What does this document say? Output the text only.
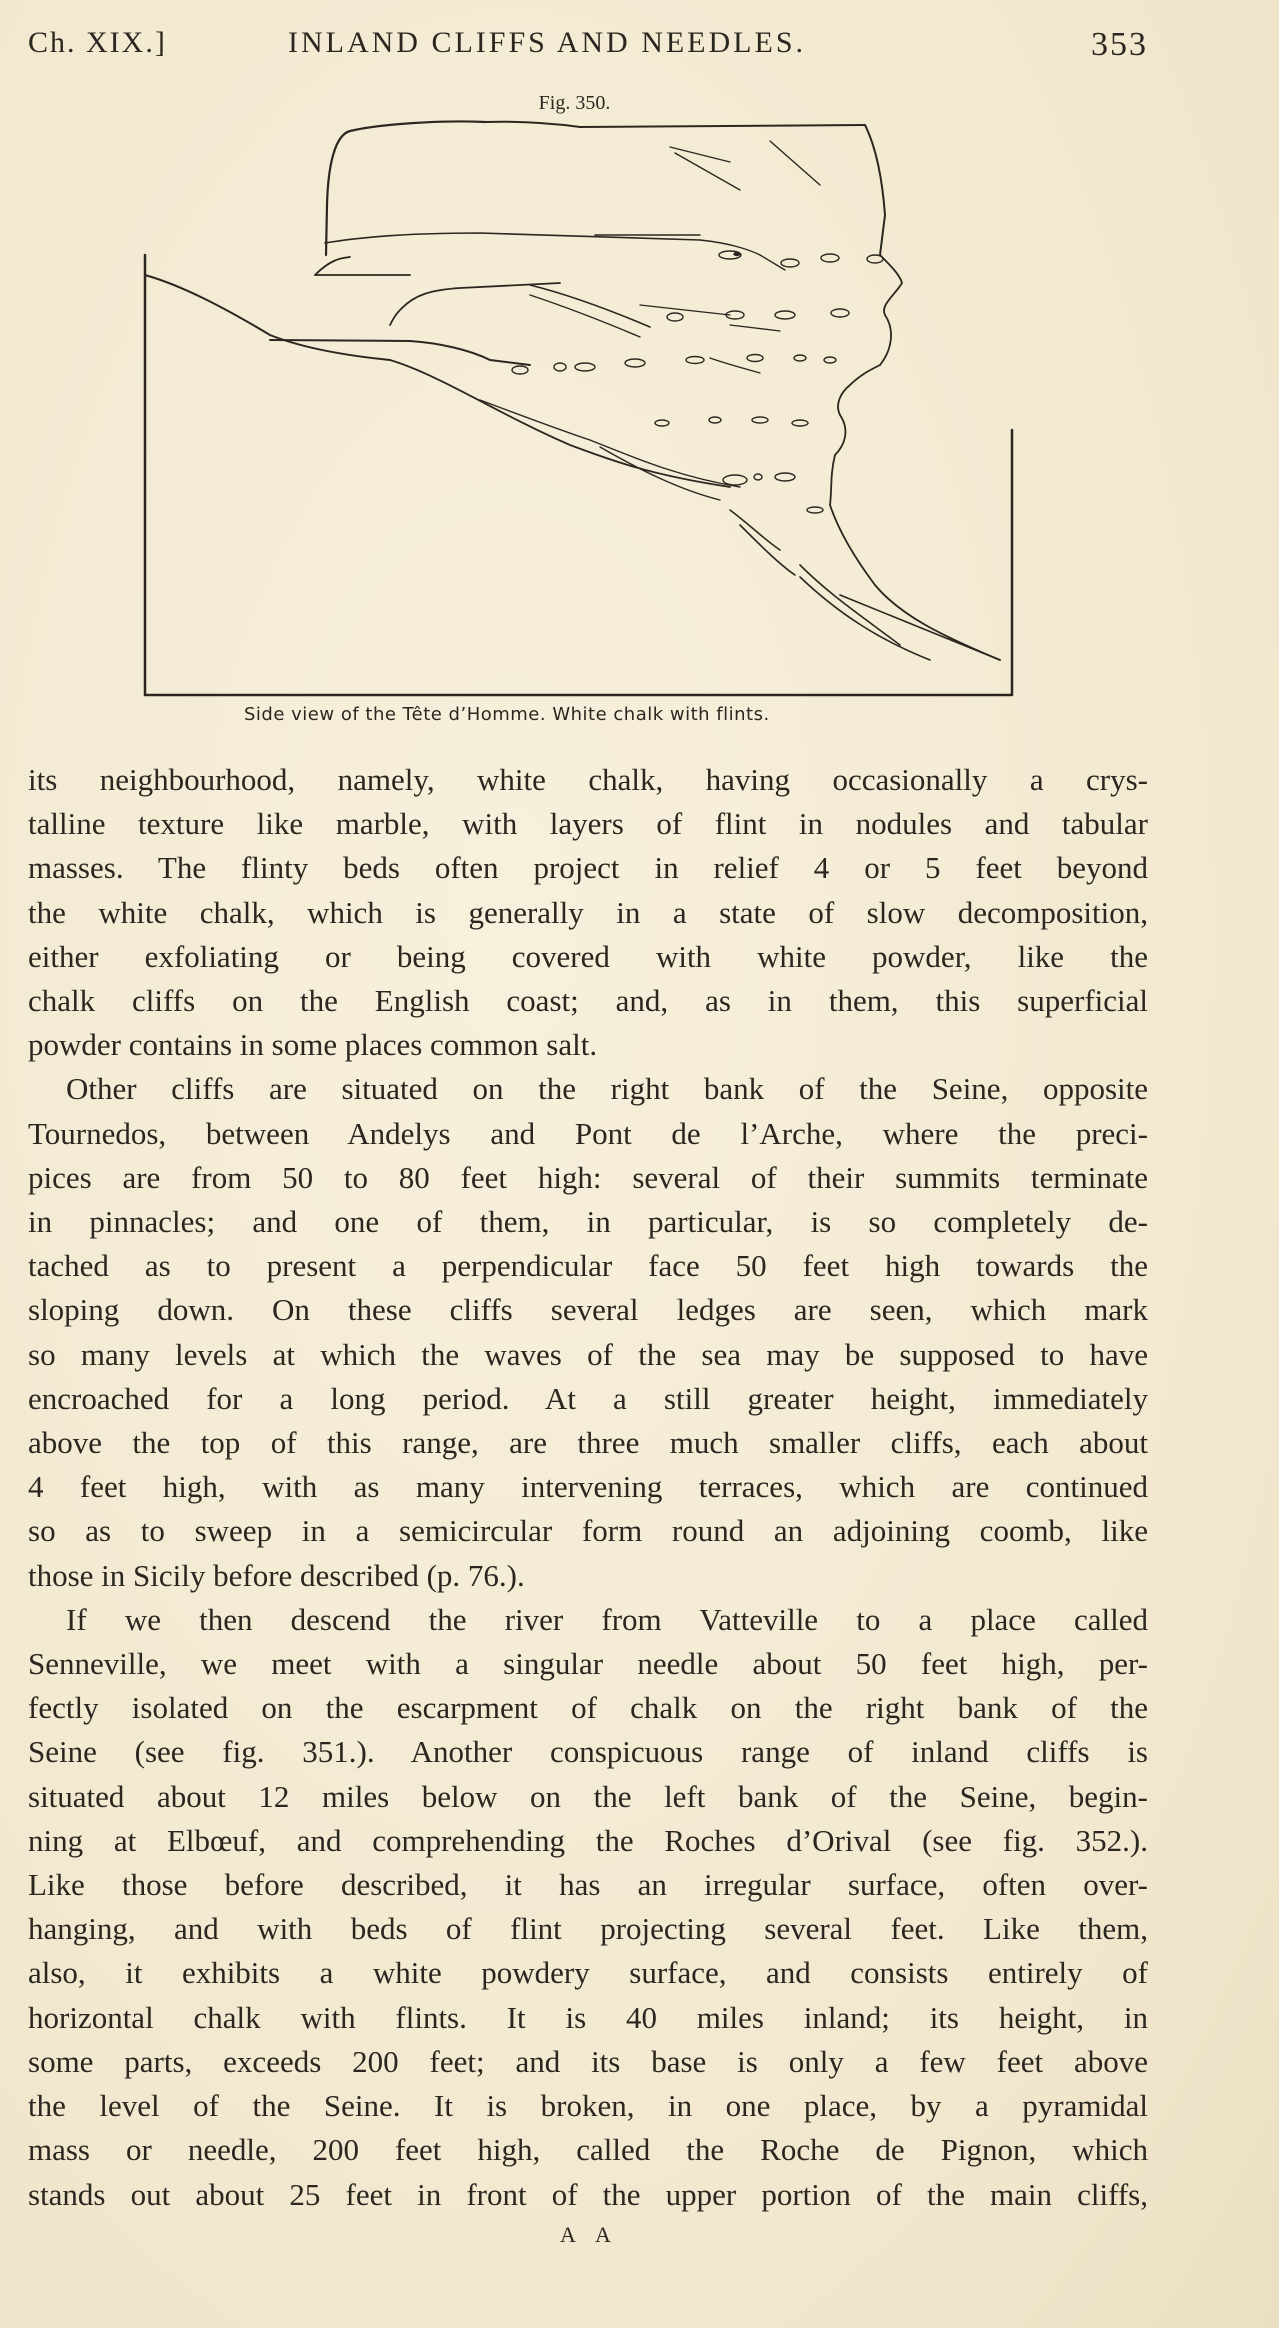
Ch. XIX.]	INLAND CLIFFS AND NEEDLES.	353
Fig. 350.
Side view of the Tête d’Homme. White chalk with flints.

its neighbourhood, namely, white chalk, having occasionally a crys-
talline texture like marble, with layers of flint in nodules and tabular
masses. The flinty beds often project in relief 4 or 5 feet beyond
the white chalk, which is generally in a state of slow decomposition,
either exfoliating or being covered with white powder, like the
chalk cliffs on the English coast; and, as in them, this superficial
powder contains in some places common salt.

Other cliffs are situated on the right bank of the Seine, opposite
Tournedos, between Andelys and Pont de l’Arche, where the preci-
pices are from 50 to 80 feet high: several of their summits terminate
in pinnacles; and one of them, in particular, is so completely de-
tached as to present a perpendicular face 50 feet high towards the
sloping down. On these cliffs several ledges are seen, which mark
so many levels at which the waves of the sea may be supposed to have
encroached for a long period. At a still greater height, immediately
above the top of this range, are three much smaller cliffs, each about
4 feet high, with as many intervening terraces, which are continued
so as to sweep in a semicircular form round an adjoining coomb, like
those in Sicily before described (p. 76.).

If we then descend the river from Vatteville to a place called
Senneville, we meet with a singular needle about 50 feet high, per-
fectly isolated on the escarpment of chalk on the right bank of the
Seine (see fig. 351.). Another conspicuous range of inland cliffs is
situated about 12 miles below on the left bank of the Seine, begin-
ning at Elbœuf, and comprehending the Roches d’Orival (see fig. 352.).
Like those before described, it has an irregular surface, often over-
hanging, and with beds of flint projecting several feet. Like them,
also, it exhibits a white powdery surface, and consists entirely of
horizontal chalk with flints. It is 40 miles inland; its height, in
some parts, exceeds 200 feet; and its base is only a few feet above
the level of the Seine. It is broken, in one place, by a pyramidal
mass or needle, 200 feet high, called the Roche de Pignon, which
stands out about 25 feet in front of the upper portion of the main cliffs,

A A
